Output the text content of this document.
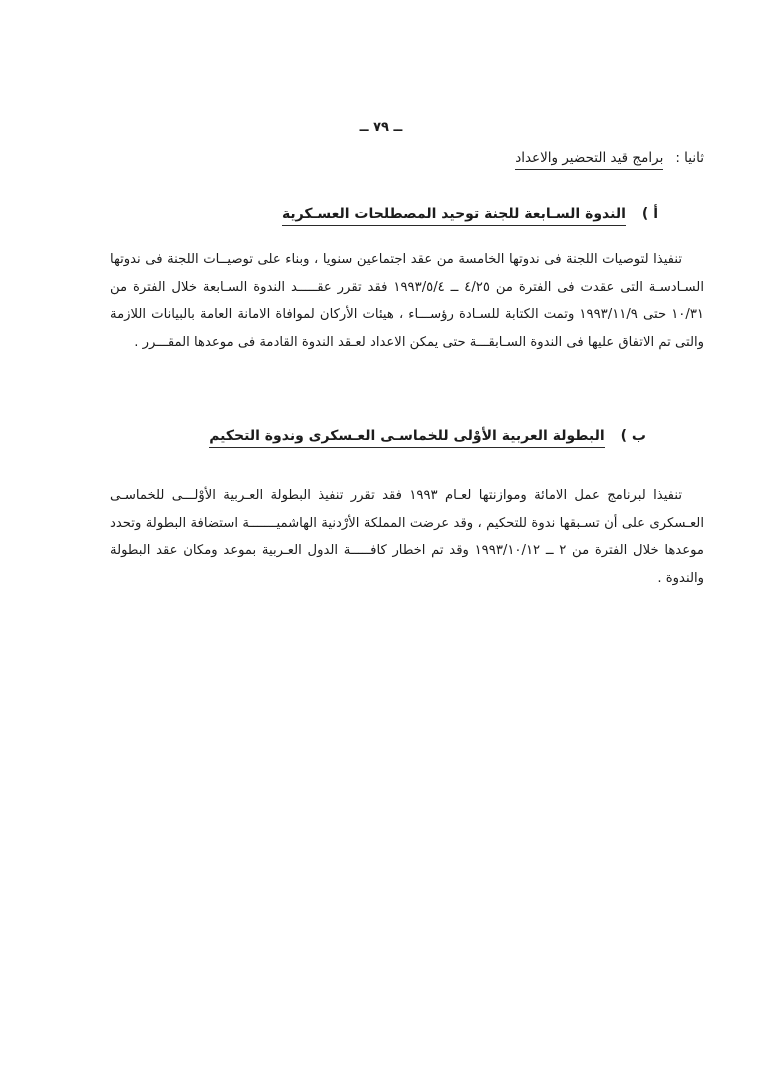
ــ ٧٩ ــ
ثانيا :
برامج قيد التحضير والاعداد
أ )
الندوة السـابعة للجنة توحيد المصطلحات العسـكرية

تنفيذا لتوصيات اللجنة فى ندوتها الخامسة من عقد اجتماعين سنويا ، وبناء على توصيــات اللجنة فى ندوتها السـادسـة التى عقدت فى الفترة من ٤/٢٥ ــ ١٩٩٣/٥/٤ فقد تقرر عقـــــد الندوة السـابعة خلال الفترة من ١٠/٣١ حتى ١٩٩٣/١١/٩ وتمت الكتابة للسـادة رؤســـاء ، هيئات الأركان لموافاة الامانة العامة بالبيانات اللازمة والتى تم الاتفاق عليها فى الندوة السـابقـــة حتى يمكن الاعداد لعـقد الندوة القادمة فى موعدها المقـــرر .

ب )
البطولة العربية الأوْلى للخماسـى العـسكرى وندوة التحكيم

تنفيذا لبرنامج عمل الامائة وموازنتها لعـام ١٩٩٣ فقد تقرر تنفيذ البطولة العـربية الأوْلـــى للخماسـى العـسكرى على أن تسـبقها ندوة للتحكيم ، وقد عرضت المملكة الأرْدنية الهاشميـــــــة استضافة البطولة وتحدد موعدها خلال الفترة من ٢ ــ ١٩٩٣/١٠/١٢ وقد تم اخطار كافـــــة الدول العـربية بموعد ومكان عقد البطولة والندوة .
